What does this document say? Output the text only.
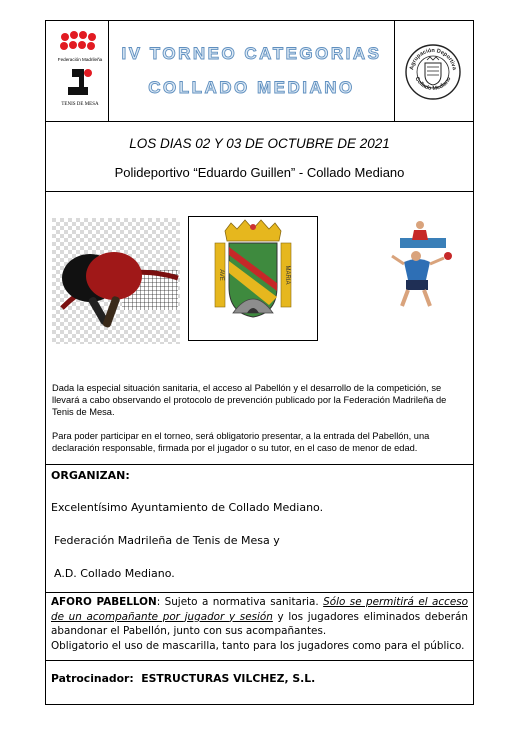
Federación Madrileña
TENIS DE MESA
IV TORNEO CATEGORIAS
COLLADO MEDIANO
Agrupación Deportiva
Collado Mediano
LOS DIAS 02 Y 03 DE OCTUBRE DE 2021
Polideportivo “Eduardo Guillen” - Collado Mediano
AVE	MARIA

Dada la especial situación sanitaria, el acceso al Pabellón y el desarrollo de la competición, se llevará a cabo observando el protocolo de prevención publicado por la Federación Madrileña de Tenis de Mesa.

Para poder participar en el torneo, será obligatorio presentar, a la entrada del Pabellón, una declaración responsable, firmada por el jugador o su tutor, en el caso de menor de edad.

ORGANIZAN:
Excelentísimo Ayuntamiento de Collado Mediano.
Federación Madrileña de Tenis de Mesa y
A.D. Collado Mediano.
AFORO PABELLON: Sujeto a normativa sanitaria. Sólo se permitirá el acceso de un acompañante por jugador y sesión y los jugadores eliminados deberán abandonar el Pabellón, junto con sus acompañantes.
Obligatorio el uso de mascarilla, tanto para los jugadores como para el público.
Patrocinador: ESTRUCTURAS VILCHEZ, S.L.
